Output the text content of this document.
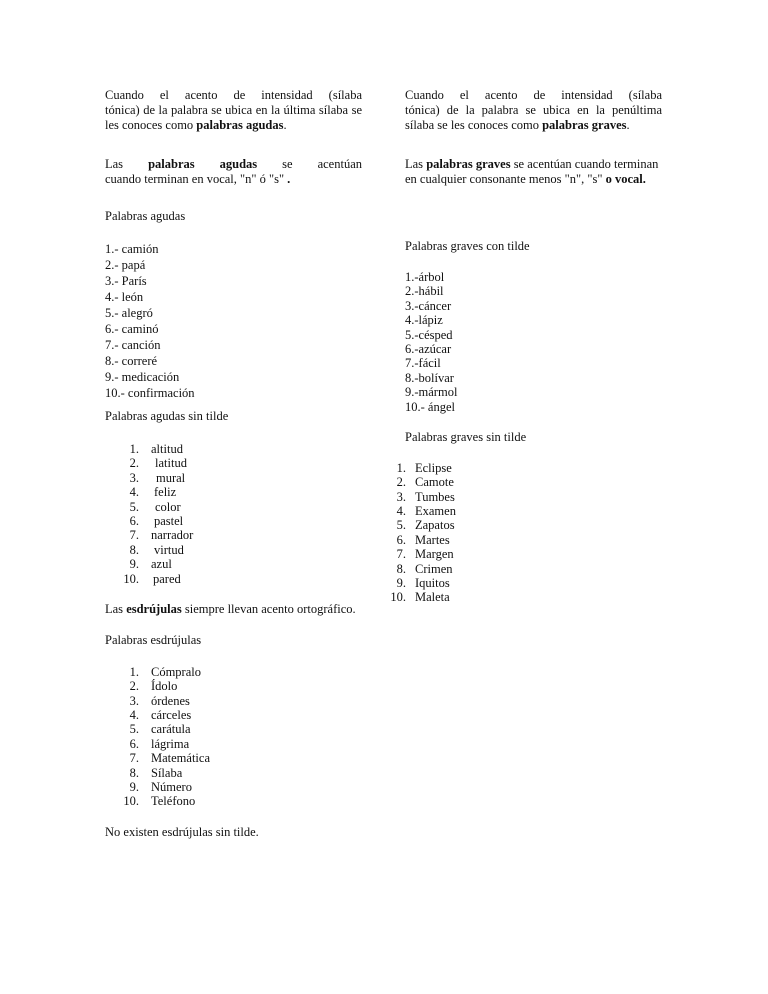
Cuando el acento de intensidad (sílaba
tónica) de la palabra se ubica en la última sílaba se

les conoces como palabras agudas.

Las palabras agudas se acentúan

cuando terminan en vocal, "n" ó "s" .

Palabras agudas

1.- camión
2.- papá
3.- París
4.- león
5.- alegró
6.- caminó
7.- canción
8.- correré
9.- medicación
10.- confirmación

Palabras agudas sin tilde

1. altitud
2. latitud
3. mural
4. feliz
5. color
6. pastel
7. narrador
8. virtud
9. azul
10. pared

Las esdrújulas siempre llevan acento ortográfico.

Palabras esdrújulas

1. Cómpralo
2. Ídolo
3. órdenes
4. cárceles
5. carátula
6. lágrima
7. Matemática
8. Sílaba
9. Número
10. Teléfono

No existen esdrújulas sin tilde.

Cuando el acento de intensidad (sílaba
tónica) de la palabra se ubica en la penúltima

sílaba se les conoces como palabras graves.

Las palabras graves se acentúan cuando terminan
en cualquier consonante menos "n", "s" o vocal.

Palabras graves con tilde

1.-árbol
2.-hábil
3.-cáncer
4.-lápiz
5.-césped
6.-azúcar
7.-fácil
8.-bolívar
9.-mármol
10.- ángel

Palabras graves sin tilde

1. Eclipse
2. Camote
3. Tumbes
4. Examen
5. Zapatos
6. Martes
7. Margen
8. Crimen
9. Iquitos
10. Maleta
